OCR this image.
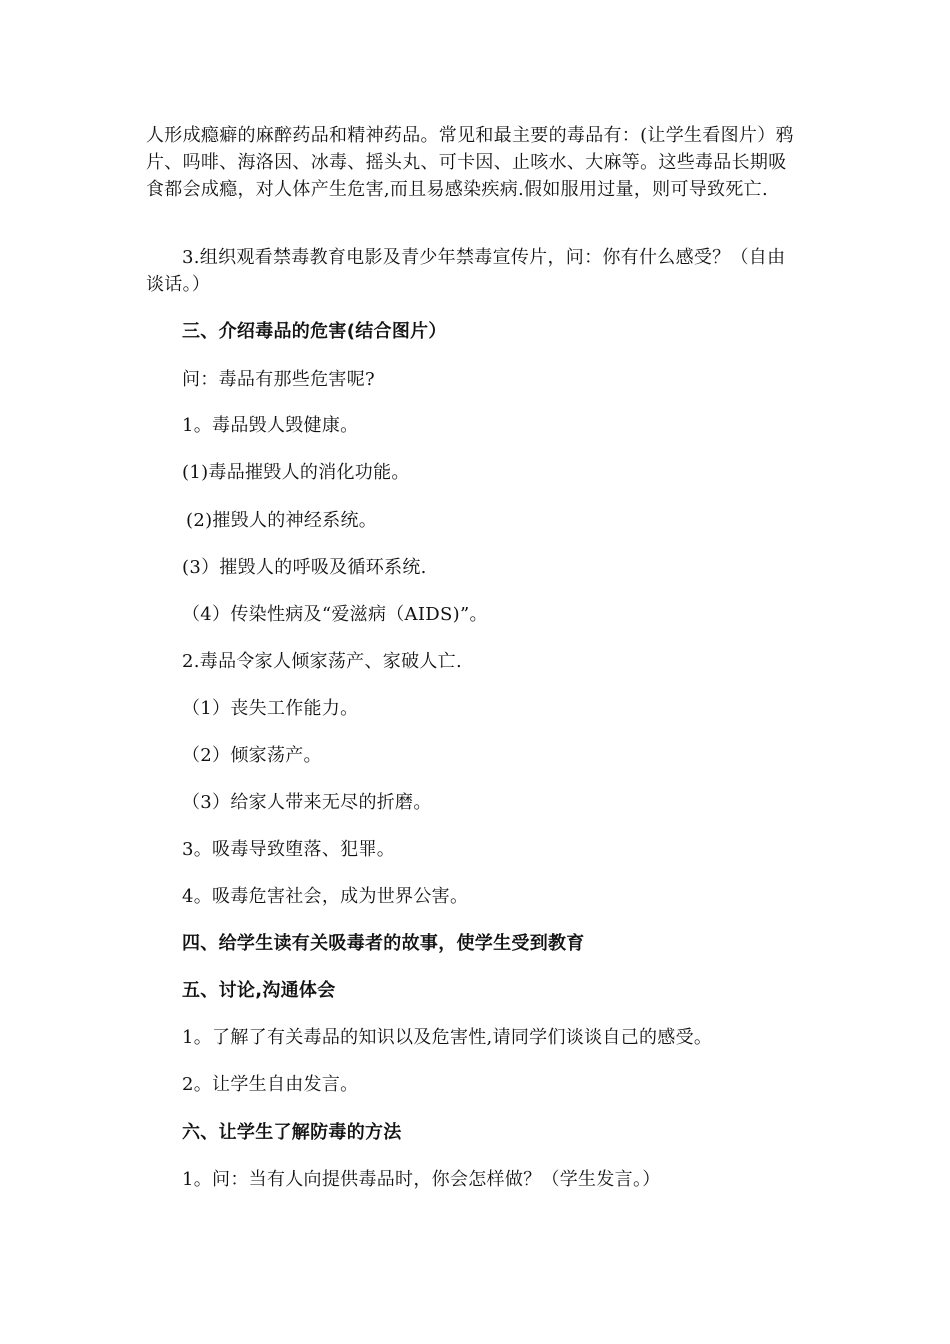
人形成瘾癖的麻醉药品和精神药品。常见和最主要的毒品有：(让学生看图片）鸦片、吗啡、海洛因、冰毒、摇头丸、可卡因、止咳水、大麻等。这些毒品长期吸食都会成瘾，对人体产生危害,而且易感染疾病.假如服用过量，则可导致死亡.

3.组织观看禁毒教育电影及青少年禁毒宣传片，问：你有什么感受？（自由谈话。）

三、介绍毒品的危害(结合图片）

问：毒品有那些危害呢?

1。毒品毁人毁健康。

(1)毒品摧毁人的消化功能。

(2)摧毁人的神经系统。

(3）摧毁人的呼吸及循环系统.

（4）传染性病及“爱滋病（AIDS)”。

2.毒品令家人倾家荡产、家破人亡.

（1）丧失工作能力。

（2）倾家荡产。

（3）给家人带来无尽的折磨。

3。吸毒导致堕落、犯罪。

4。吸毒危害社会，成为世界公害。

四、给学生读有关吸毒者的故事，使学生受到教育

五、讨论,沟通体会

1。了解了有关毒品的知识以及危害性,请同学们谈谈自己的感受。

2。让学生自由发言。

六、让学生了解防毒的方法

1。问：当有人向提供毒品时，你会怎样做？（学生发言。）
